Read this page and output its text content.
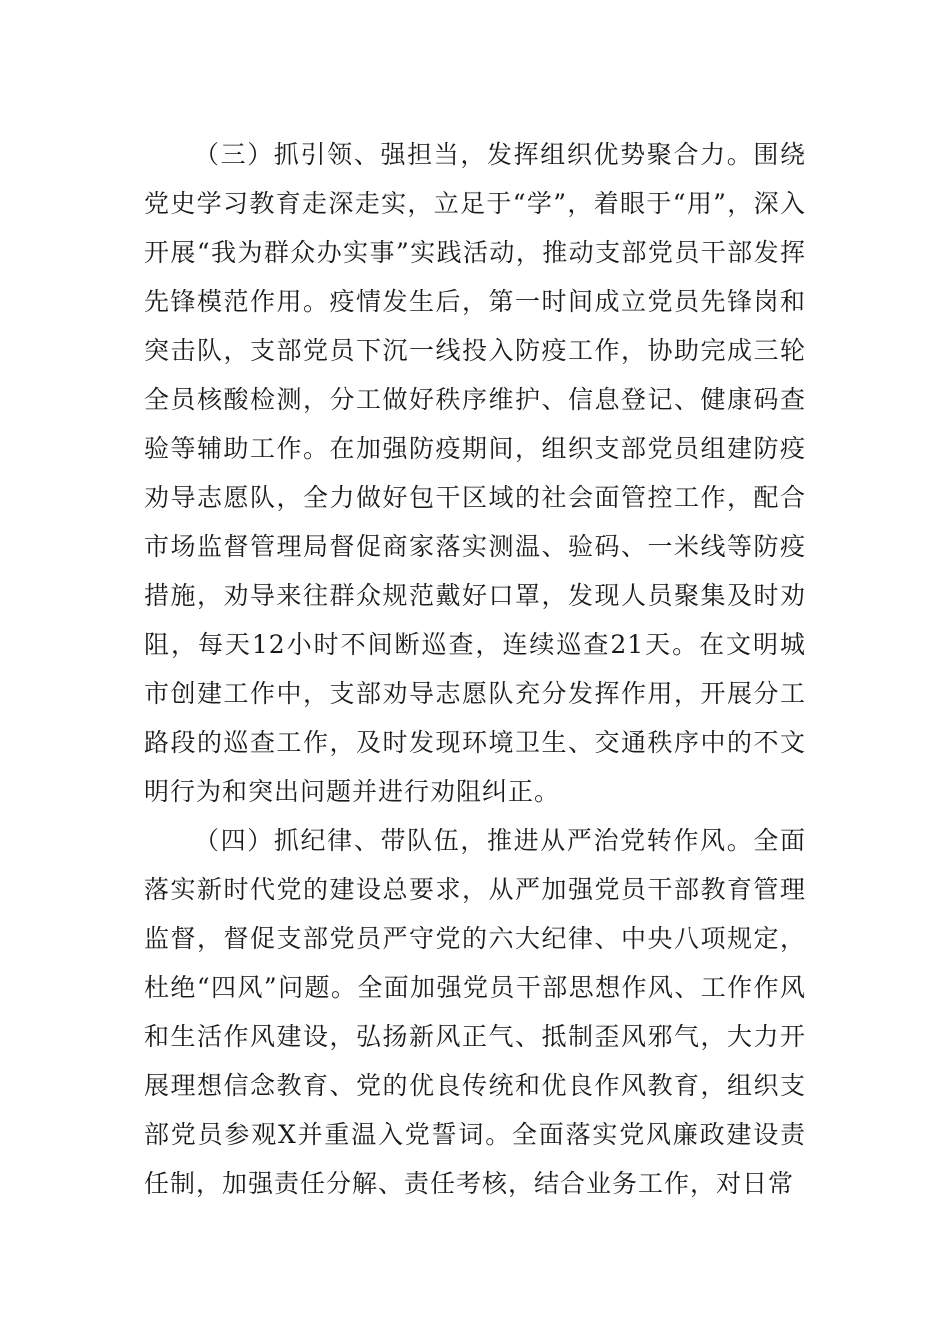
（三）抓引领、强担当，发挥组织优势聚合力。围绕党史学习教育走深走实，立足于“学”，着眼于“用”，深入开展“我为群众办实事”实践活动，推动支部党员干部发挥先锋模范作用。疫情发生后，第一时间成立党员先锋岗和突击队，支部党员下沉一线投入防疫工作，协助完成三轮全员核酸检测，分工做好秩序维护、信息登记、健康码查验等辅助工作。在加强防疫期间，组织支部党员组建防疫劝导志愿队，全力做好包干区域的社会面管控工作，配合市场监督管理局督促商家落实测温、验码、一米线等防疫措施，劝导来往群众规范戴好口罩，发现人员聚集及时劝阻，每天12小时不间断巡查，连续巡查21天。在文明城市创建工作中，支部劝导志愿队充分发挥作用，开展分工路段的巡查工作，及时发现环境卫生、交通秩序中的不文明行为和突出问题并进行劝阻纠正。

（四）抓纪律、带队伍，推进从严治党转作风。全面落实新时代党的建设总要求，从严加强党员干部教育管理监督，督促支部党员严守党的六大纪律、中央八项规定，杜绝“四风”问题。全面加强党员干部思想作风、工作作风和生活作风建设，弘扬新风正气、抵制歪风邪气，大力开展理想信念教育、党的优良传统和优良作风教育，组织支部党员参观X并重温入党誓词。全面落实党风廉政建设责任制，加强责任分解、责任考核，结合业务工作，对日常
